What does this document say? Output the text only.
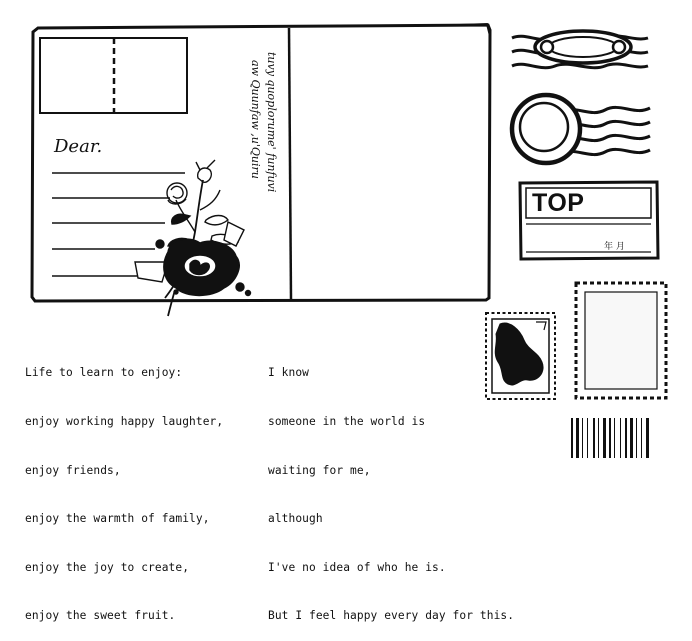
Dear.	tuvy quoplorume' funfuvi
aw Quunfaw ,u'Quiru
TOP
年 月

Life to learn to enjoy:

enjoy working happy laughter,

enjoy friends,

enjoy the warmth of family,

enjoy the joy to create,

enjoy the sweet fruit.

I know

someone in the world is

waiting for me,

although

I've no idea of who he is.

But I feel happy every day for this.
